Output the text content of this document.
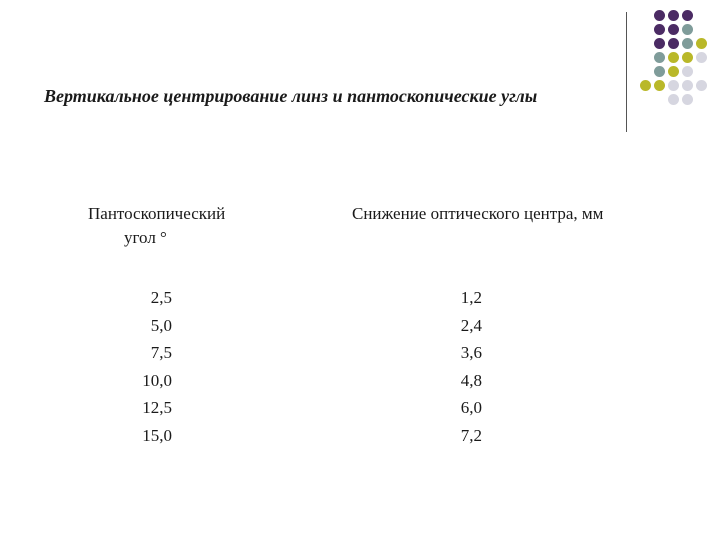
Вертикальное центрирование линз и пантоскопические углы
Пантоскопический
угол °
Снижение оптического центра, мм
2,5
5,0
7,5
10,0
12,5
15,0
1,2
2,4
3,6
4,8
6,0
7,2
